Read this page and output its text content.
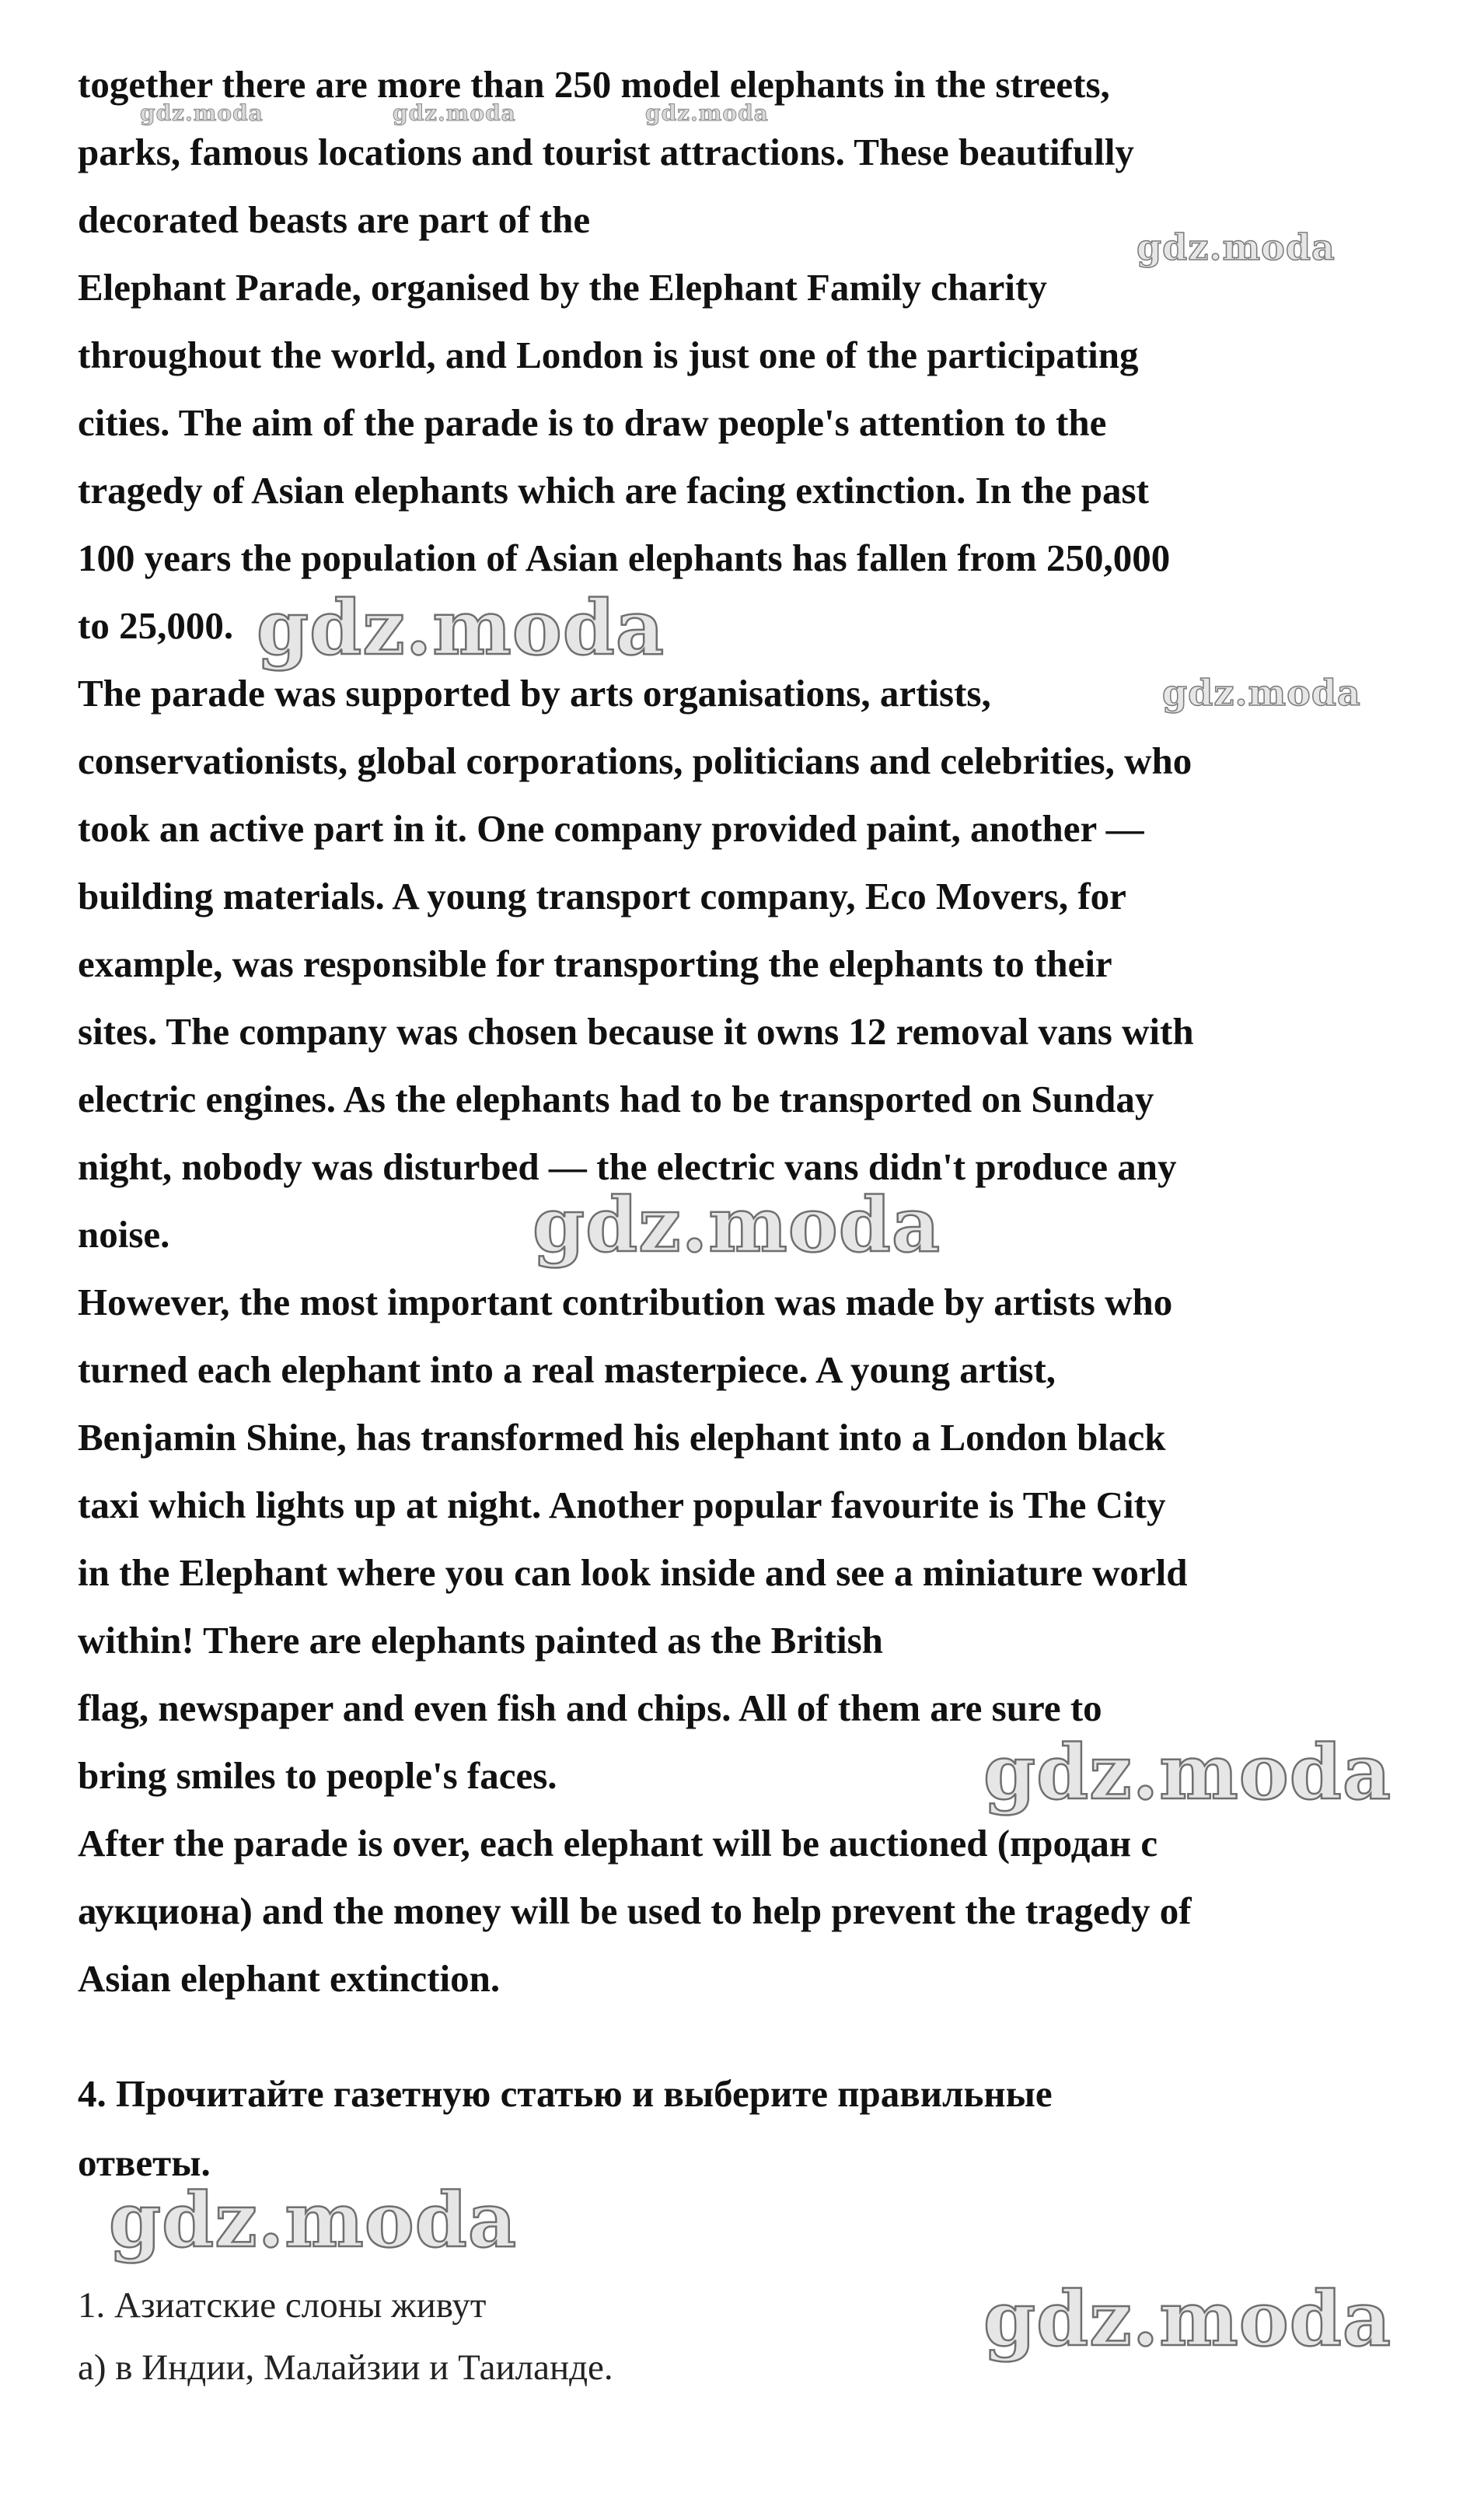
together there are more than 250 model elephants in the streets,
parks, famous locations and tourist attractions. These beautifully
decorated beasts are part of the
Elephant Parade, organised by the Elephant Family charity
throughout the world, and London is just one of the participating
cities. The aim of the parade is to draw people's attention to the
tragedy of Asian elephants which are facing extinction. In the past
100 years the population of Asian elephants has fallen from 250,000
to 25,000.
The parade was supported by arts organisations, artists,
conservationists, global corporations, politicians and celebrities, who
took an active part in it. One company provided paint, another —
building materials. A young transport company, Eco Movers, for
example, was responsible for transporting the elephants to their
sites. The company was chosen because it owns 12 removal vans with
electric engines. As the elephants had to be transported on Sunday
night, nobody was disturbed — the electric vans didn't produce any
noise.
However, the most important contribution was made by artists who
turned each elephant into a real masterpiece. A young artist,
Benjamin Shine, has transformed his elephant into a London black
taxi which lights up at night. Another popular favourite is The City
in the Elephant where you can look inside and see a miniature world
within! There are elephants painted as the British
flag, newspaper and even fish and chips. All of them are sure to
bring smiles to people's faces.
After the parade is over, each elephant will be auctioned (продан с
аукциона) and the money will be used to help prevent the tragedy of
Asian elephant extinction.
4. Прочитайте газетную статью и выберите правильные
ответы.
1. Азиатские слоны живут
а) в Индии, Малайзии и Таиланде.
gdz.moda	gdz.moda	gdz.moda
gdz.moda
gdz.moda
gdz.moda
gdz.moda
gdz.moda
gdz.moda
gdz.moda
